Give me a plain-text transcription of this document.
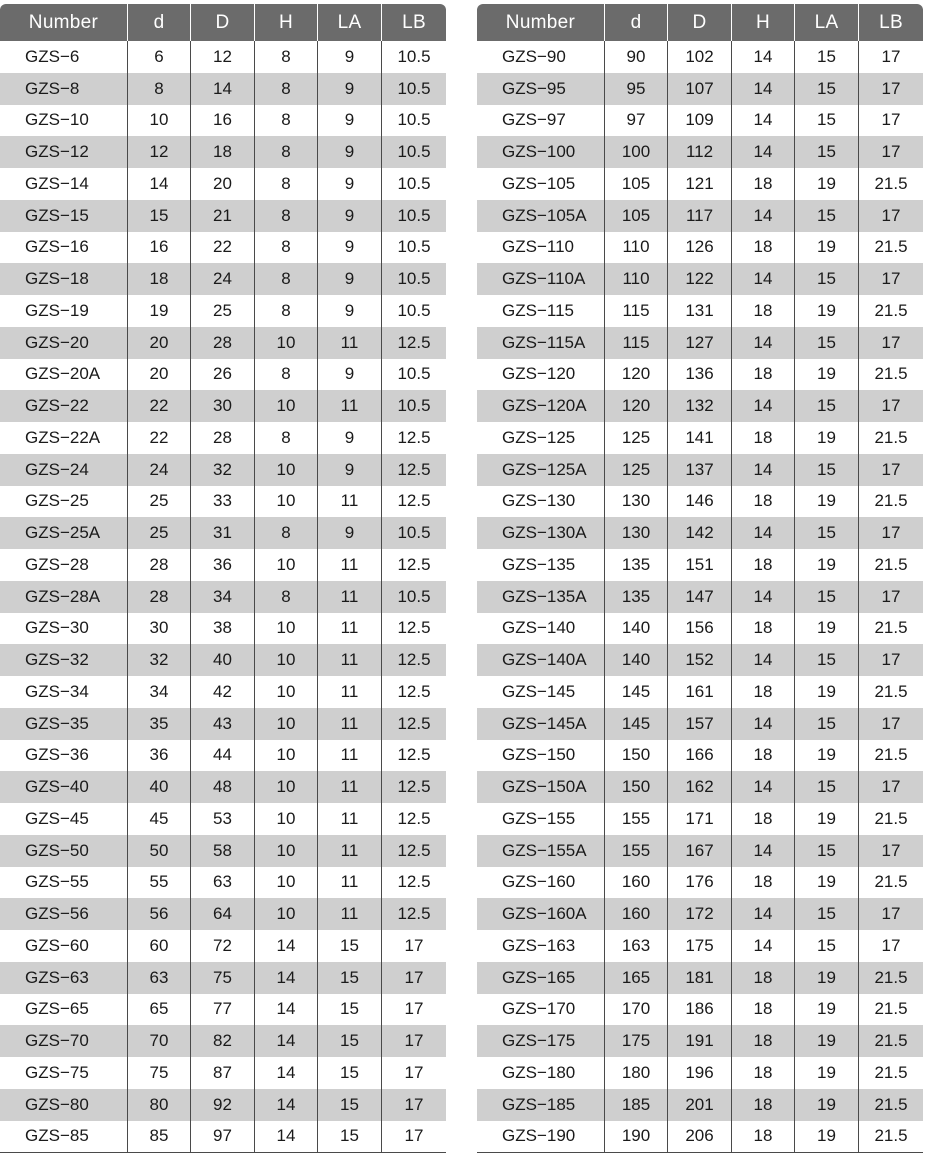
Number	d	D	H	LA	LB
GZS−6	6	12	8	9	10.5
GZS−8	8	14	8	9	10.5
GZS−10	10	16	8	9	10.5
GZS−12	12	18	8	9	10.5
GZS−14	14	20	8	9	10.5
GZS−15	15	21	8	9	10.5
GZS−16	16	22	8	9	10.5
GZS−18	18	24	8	9	10.5
GZS−19	19	25	8	9	10.5
GZS−20	20	28	10	11	12.5
GZS−20A	20	26	8	9	10.5
GZS−22	22	30	10	11	10.5
GZS−22A	22	28	8	9	12.5
GZS−24	24	32	10	9	12.5
GZS−25	25	33	10	11	12.5
GZS−25A	25	31	8	9	10.5
GZS−28	28	36	10	11	12.5
GZS−28A	28	34	8	11	10.5
GZS−30	30	38	10	11	12.5
GZS−32	32	40	10	11	12.5
GZS−34	34	42	10	11	12.5
GZS−35	35	43	10	11	12.5
GZS−36	36	44	10	11	12.5
GZS−40	40	48	10	11	12.5
GZS−45	45	53	10	11	12.5
GZS−50	50	58	10	11	12.5
GZS−55	55	63	10	11	12.5
GZS−56	56	64	10	11	12.5
GZS−60	60	72	14	15	17
GZS−63	63	75	14	15	17
GZS−65	65	77	14	15	17
GZS−70	70	82	14	15	17
GZS−75	75	87	14	15	17
GZS−80	80	92	14	15	17
GZS−85	85	97	14	15	17
Number	d	D	H	LA	LB
GZS−90	90	102	14	15	17
GZS−95	95	107	14	15	17
GZS−97	97	109	14	15	17
GZS−100	100	112	14	15	17
GZS−105	105	121	18	19	21.5
GZS−105A	105	117	14	15	17
GZS−110	110	126	18	19	21.5
GZS−110A	110	122	14	15	17
GZS−115	115	131	18	19	21.5
GZS−115A	115	127	14	15	17
GZS−120	120	136	18	19	21.5
GZS−120A	120	132	14	15	17
GZS−125	125	141	18	19	21.5
GZS−125A	125	137	14	15	17
GZS−130	130	146	18	19	21.5
GZS−130A	130	142	14	15	17
GZS−135	135	151	18	19	21.5
GZS−135A	135	147	14	15	17
GZS−140	140	156	18	19	21.5
GZS−140A	140	152	14	15	17
GZS−145	145	161	18	19	21.5
GZS−145A	145	157	14	15	17
GZS−150	150	166	18	19	21.5
GZS−150A	150	162	14	15	17
GZS−155	155	171	18	19	21.5
GZS−155A	155	167	14	15	17
GZS−160	160	176	18	19	21.5
GZS−160A	160	172	14	15	17
GZS−163	163	175	14	15	17
GZS−165	165	181	18	19	21.5
GZS−170	170	186	18	19	21.5
GZS−175	175	191	18	19	21.5
GZS−180	180	196	18	19	21.5
GZS−185	185	201	18	19	21.5
GZS−190	190	206	18	19	21.5
